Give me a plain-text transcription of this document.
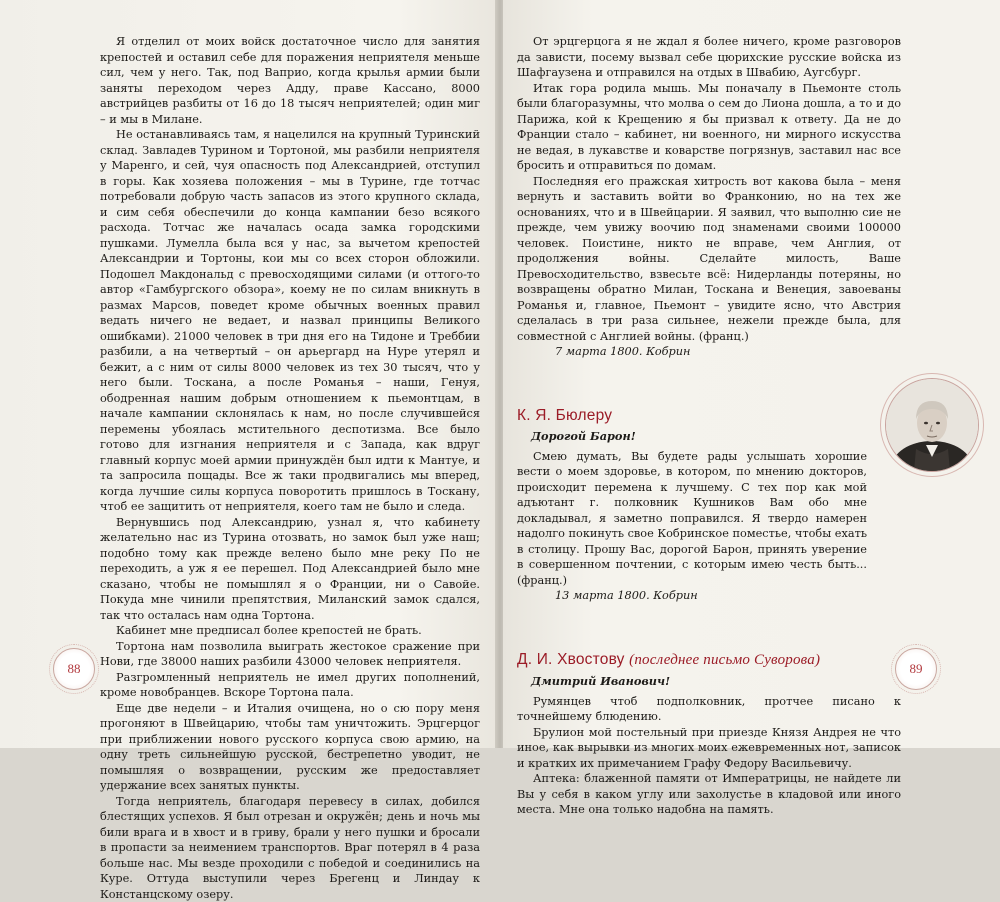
Я отделил от моих войск достаточное число для занятия крепостей и оставил себе для поражения неприятеля меньше сил, чем у него. Так, под Ваприо, когда крылья армии были заняты переходом через Адду, праве Кассано, 8000 австрийцев разбиты от 16 до 18 тысяч неприятелей; один миг – и мы в Милане.

Не останавливаясь там, я нацелился на крупный Туринский склад. Завладев Турином и Тортоной, мы разбили неприятеля у Маренго, и сей, чуя опасность под Александрией, отступил в горы. Как хозяева положения – мы в Турине, где тотчас потребовали добрую часть запасов из этого крупного склада, и сим себя обеспечили до конца кампании безо всякого расхода. Тотчас же началась осада замка городскими пушками. Лумелла была вся у нас, за вычетом крепостей Александрии и Тортоны, кои мы со всех сторон обложили. Подошел Макдональд с превосходящими силами (и оттого-то автор «Гамбургского обзора», коему не по силам вникнуть в размах Марсов, поведет кроме обычных военных правил ведать ничего не ведает, и назвал принципы Великого ошибками). 21000 человек в три дня его на Тидоне и Треббии разбили, а на четвертый – он арьергард на Нуре утерял и бежит, а с ним от силы 8000 человек из тех 30 тысяч, что у него были. Тоскана, а после Романья – наши, Генуя, ободренная нашим добрым отношением к пьемонтцам, в начале кампании склонялась к нам, но после случившейся перемены убоялась мстительного деспотизма. Все было готово для изгнания неприятеля и с Запада, как вдруг главный корпус моей армии принуждён был идти к Мантуе, и та запросила пощады. Все ж таки продвигались мы вперед, когда лучшие силы корпуса поворотить пришлось в Тоскану, чтоб ее защитить от неприятеля, коего там не было и следа.

Вернувшись под Александрию, узнал я, что кабинету желательно нас из Турина отозвать, но замок был уже наш; подобно тому как прежде велено было мне реку По не переходить, а уж я ее перешел. Под Александрией было мне сказано, чтобы не помышлял я о Франции, ни о Савойе. Покуда мне чинили препятствия, Миланский замок сдался, так что осталась нам одна Тортона.

Кабинет мне предписал более крепостей не брать.

Тортона нам позволила выиграть жестокое сражение при Нови, где 38000 наших разбили 43000 человек неприятеля.

Разгромленный неприятель не имел других пополнений, кроме новобранцев. Вскоре Тортона пала.

Еще две недели – и Италия очищена, но о сю пору меня прогоняют в Швейцарию, чтобы там уничтожить. Эрцгерцог при приближении нового русского корпуса свою армию, на одну треть сильнейшую русской, бестрепетно уводит, не помышляя о возвращении, русским же предоставляет удержание всех занятых пункты.

Тогда неприятель, благодаря перевесу в силах, добился блестящих успехов. Я был отрезан и окружён; день и ночь мы били врага и в хвост и в гриву, брали у него пушки и бросали в пропасти за неимением транспортов. Враг потерял в 4 раза больше нас. Мы везде проходили с победой и соединились на Куре. Оттуда выступили через Брегенц и Линдау к Констанцскому озеру.

88

От эрцгерцога я не ждал я более ничего, кроме разговоров да зависти, посему вызвал себе цюрихские русские войска из Шафгаузена и отправился на отдых в Швабию, Аугсбург.

Итак гора родила мышь. Мы поначалу в Пьемонте столь были благоразумны, что молва о сем до Лиона дошла, а то и до Парижа, кой к Крещению я бы призвал к ответу. Да не до Франции стало – кабинет, ни военного, ни мирного искусства не ведая, в лукавстве и коварстве погрязнув, заставил нас все бросить и отправиться по домам.

Последняя его пражская хитрость вот какова была – меня вернуть и заставить войти во Франконию, но на тех же основаниях, что и в Швейцарии. Я заявил, что выполню сие не прежде, чем увижу воочию под знаменами своими 100000 человек. Поистине, никто не вправе, чем Англия, от продолжения войны. Сделайте милость, Ваше Превосходительство, взвесьте всё: Нидерланды потеряны, но возвращены обратно Милан, Тоскана и Венеция, завоеваны Романья и, главное, Пьемонт – увидите ясно, что Австрия сделалась в три раза сильнее, нежели прежде была, для совместной с Англией войны. (франц.)

7 марта 1800. Кобрин

К. Я. Бюлеру

Дорогой Барон!

Смею думать, Вы будете рады услышать хорошие вести о моем здоровье, в котором, по мнению докторов, происходит перемена к лучшему. С тех пор как мой адъютант г. полковник Кушников Вам обо мне докладывал, я заметно поправился. Я твердо намерен надолго покинуть свое Кобринское поместье, чтобы ехать в столицу. Прошу Вас, дорогой Барон, принять уверение в совершенном почтении, с которым имею честь быть... (франц.)

13 марта 1800. Кобрин

Д. И. Хвостову (последнее письмо Суворова)

Дмитрий Иванович!

Румянцев чтоб подполковник, протчее писано к точнейшему блюдению.

Брулион мой постельный при приезде Князя Андрея не что иное, как вырывки из многих моих ежевременных нот, записок и кратких их примечанием Графу Федору Васильевичу.

Аптека: блаженной памяти от Императрицы, не найдете ли Вы у себя в каком углу или захолустье в кладовой или иного места. Мне она только надобна на память.

89
